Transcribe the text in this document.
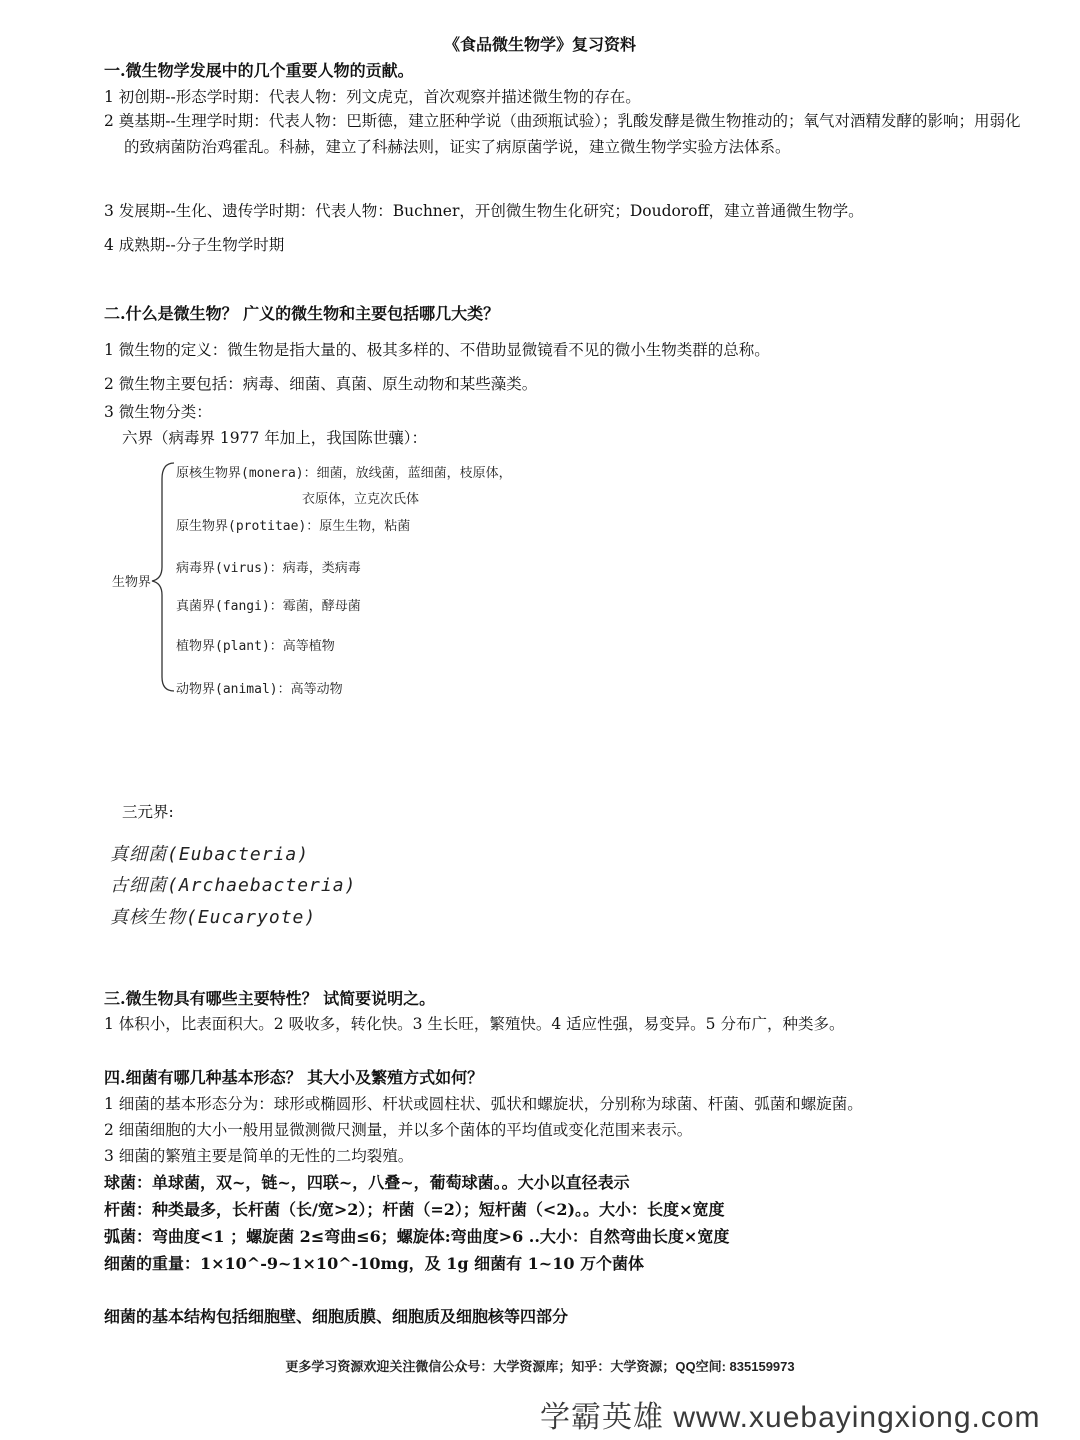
《食品微生物学》复习资料
一.微生物学发展中的几个重要人物的贡献。
1 初创期--形态学时期：代表人物：列文虎克，首次观察并描述微生物的存在。
2 奠基期--生理学时期：代表人物：巴斯德，建立胚种学说（曲颈瓶试验）；乳酸发酵是微生物推动的；氧气对酒精发酵的影响；用弱化的致病菌防治鸡霍乱。科赫，建立了科赫法则，证实了病原菌学说，建立微生物学实验方法体系。
3 发展期--生化、遗传学时期：代表人物：Buchner，开创微生物生化研究；Doudoroff，建立普通微生物学。
4 成熟期--分子生物学时期
二.什么是微生物？ 广义的微生物和主要包括哪几大类？
1 微生物的定义：微生物是指大量的、极其多样的、不借助显微镜看不见的微小生物类群的总称。
2 微生物主要包括：病毒、细菌、真菌、原生动物和某些藻类。
3 微生物分类：
六界（病毒界 1977 年加上，我国陈世骧）：
生物界
原核生物界(monera)：细菌，放线菌，蓝细菌，枝原体，
衣原体，立克次氏体
原生物界(protitae)：原生生物，粘菌
病毒界(virus)：病毒，类病毒
真菌界(fangi)：霉菌，酵母菌
植物界(plant)：高等植物
动物界(animal)：高等动物
三元界:
真细菌(Eubacteria)
古细菌(Archaebacteria)
真核生物(Eucaryote)
三.微生物具有哪些主要特性？ 试简要说明之。
1 体积小，比表面积大。2 吸收多，转化快。3 生长旺，繁殖快。4 适应性强，易变异。5 分布广，种类多。
四.细菌有哪几种基本形态？ 其大小及繁殖方式如何？
1 细菌的基本形态分为：球形或椭圆形、杆状或圆柱状、弧状和螺旋状，分别称为球菌、杆菌、弧菌和螺旋菌。
2 细菌细胞的大小一般用显微测微尺测量，并以多个菌体的平均值或变化范围来表示。
3 细菌的繁殖主要是简单的无性的二均裂殖。
球菌：单球菌，双~，链~，四联~，八叠~，葡萄球菌。。大小以直径表示
杆菌：种类最多，长杆菌（长/宽>2）；杆菌（=2）；短杆菌（<2)。。大小：长度×宽度
弧菌：弯曲度<1 ；螺旋菌 2≤弯曲≤6；螺旋体:弯曲度>6 ..大小：自然弯曲长度×宽度
细菌的重量：1×10^-9~1×10^-10mg，及 1g 细菌有 1~10 万个菌体
细菌的基本结构包括细胞壁、细胞质膜、细胞质及细胞核等四部分
更多学习资源欢迎关注微信公众号：大学资源库；知乎：大学资源；QQ空间: 835159973
学霸英雄 www.xuebayingxiong.com
